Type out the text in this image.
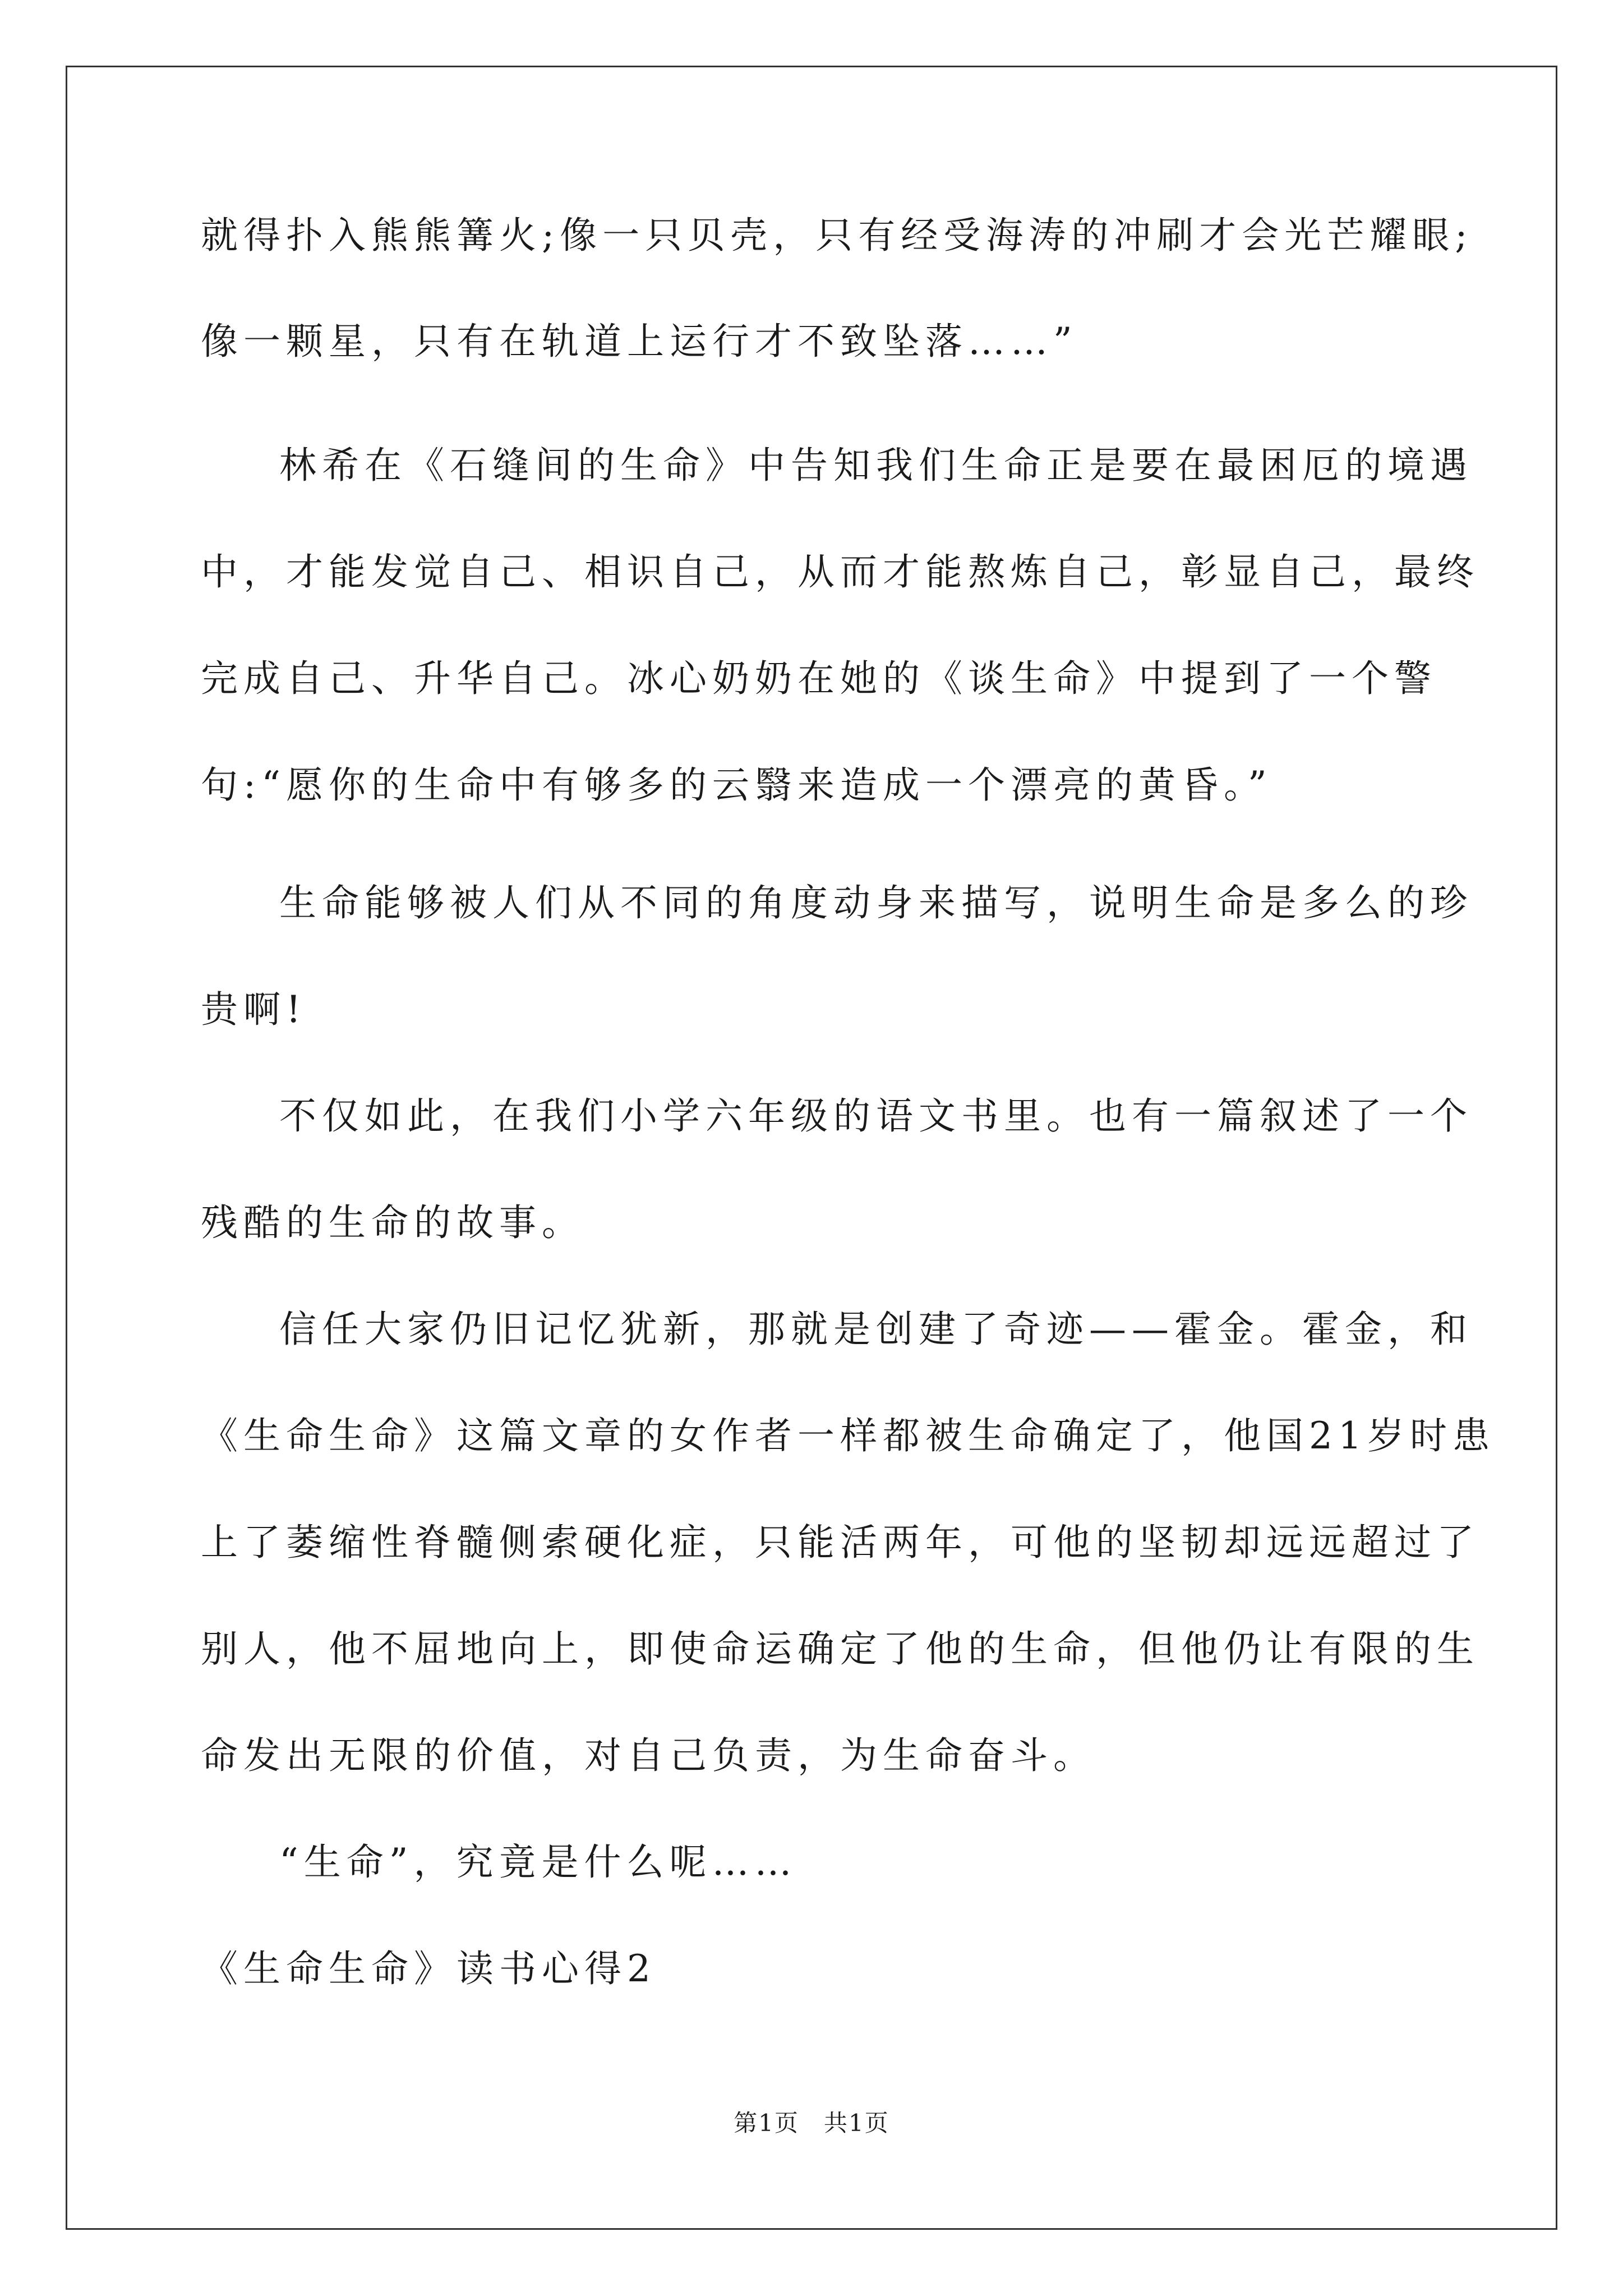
就得扑入熊熊篝火;像一只贝壳，只有经受海涛的冲刷才会光芒耀眼;
像一颗星，只有在轨道上运行才不致坠落……”
林希在《石缝间的生命》中告知我们生命正是要在最困厄的境遇
中，才能发觉自己、相识自己，从而才能熬炼自己，彰显自己，最终
完成自己、升华自己。冰心奶奶在她的《谈生命》中提到了一个警
句:“愿你的生命中有够多的云翳来造成一个漂亮的黄昏。”
生命能够被人们从不同的角度动身来描写，说明生命是多么的珍
贵啊!
不仅如此，在我们小学六年级的语文书里。也有一篇叙述了一个
残酷的生命的故事。
信任大家仍旧记忆犹新，那就是创建了奇迹——霍金。霍金，和
《生命生命》这篇文章的女作者一样都被生命确定了，他国21岁时患
上了萎缩性脊髓侧索硬化症，只能活两年，可他的坚韧却远远超过了
别人，他不屈地向上，即使命运确定了他的生命，但他仍让有限的生
命发出无限的价值，对自己负责，为生命奋斗。
“生命”，究竟是什么呢……
《生命生命》读书心得2
第1页　共1页
